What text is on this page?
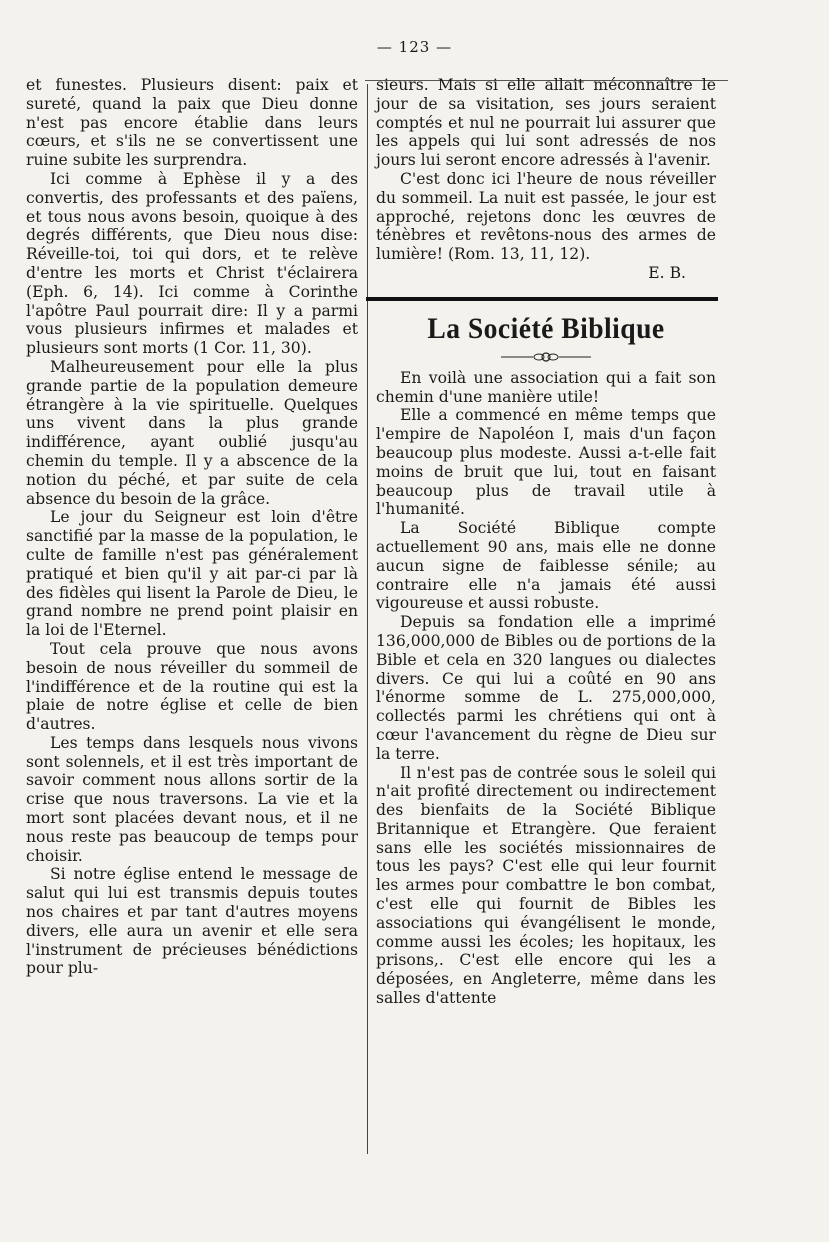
— 123 —

et funestes. Plusieurs disent: paix et sureté, quand la paix que Dieu donne n'est pas encore établie dans leurs cœurs, et s'ils ne se convertissent une ruine subite les surprendra.

Ici comme à Ephèse il y a des convertis, des professants et des païens, et tous nous avons besoin, quoique à des degrés différents, que Dieu nous dise: Réveille-toi, toi qui dors, et te relève d'entre les morts et Christ t'éclairera (Eph. 6, 14). Ici comme à Corinthe l'apôtre Paul pourrait dire: Il y a parmi vous plusieurs infirmes et malades et plusieurs sont morts (1 Cor. 11, 30).

Malheureusement pour elle la plus grande partie de la population demeure étrangère à la vie spirituelle. Quelques uns vivent dans la plus grande indifférence, ayant oublié jusqu'au chemin du temple. Il y a abscence de la notion du péché, et par suite de cela absence du besoin de la grâce.

Le jour du Seigneur est loin d'être sanctifié par la masse de la population, le culte de famille n'est pas généralement pratiqué et bien qu'il y ait par-ci par là des fidèles qui lisent la Parole de Dieu, le grand nombre ne prend point plaisir en la loi de l'Eternel.

Tout cela prouve que nous avons besoin de nous réveiller du sommeil de l'indifférence et de la routine qui est la plaie de notre église et celle de bien d'autres.

Les temps dans lesquels nous vivons sont solennels, et il est très important de savoir comment nous allons sortir de la crise que nous traversons. La vie et la mort sont placées devant nous, et il ne nous reste pas beaucoup de temps pour choisir.

Si notre église entend le message de salut qui lui est transmis depuis toutes nos chaires et par tant d'autres moyens divers, elle aura un avenir et elle sera l'instrument de précieuses bénédictions pour plu-

sieurs. Mais si elle allait méconnaître le jour de sa visitation, ses jours seraient comptés et nul ne pourrait lui assurer que les appels qui lui sont adressés de nos jours lui seront encore adressés à l'avenir.

C'est donc ici l'heure de nous réveiller du sommeil. La nuit est passée, le jour est approché, rejetons donc les œuvres de ténèbres et revêtons-nous des armes de lumière! (Rom. 13, 11, 12).

E. B.

La Société Biblique

En voilà une association qui a fait son chemin d'une manière utile!

Elle a commencé en même temps que l'empire de Napoléon I, mais d'un façon beaucoup plus modeste. Aussi a-t-elle fait moins de bruit que lui, tout en faisant beaucoup plus de travail utile à l'humanité.

La Société Biblique compte actuellement 90 ans, mais elle ne donne aucun signe de faiblesse sénile; au contraire elle n'a jamais été aussi vigoureuse et aussi robuste.

Depuis sa fondation elle a imprimé 136,000,000 de Bibles ou de portions de la Bible et cela en 320 langues ou dialectes divers. Ce qui lui a coûté en 90 ans l'énorme somme de L. 275,000,000, collectés parmi les chrétiens qui ont à cœur l'avancement du règne de Dieu sur la terre.

Il n'est pas de contrée sous le soleil qui n'ait profité directement ou indirectement des bienfaits de la Société Biblique Britannique et Etrangère. Que feraient sans elle les sociétés missionnaires de tous les pays? C'est elle qui leur fournit les armes pour combattre le bon combat, c'est elle qui fournit de Bibles les associations qui évangélisent le monde, comme aussi les écoles; les hopitaux, les prisons,. C'est elle encore qui les a déposées, en Angleterre, même dans les salles d'attente
